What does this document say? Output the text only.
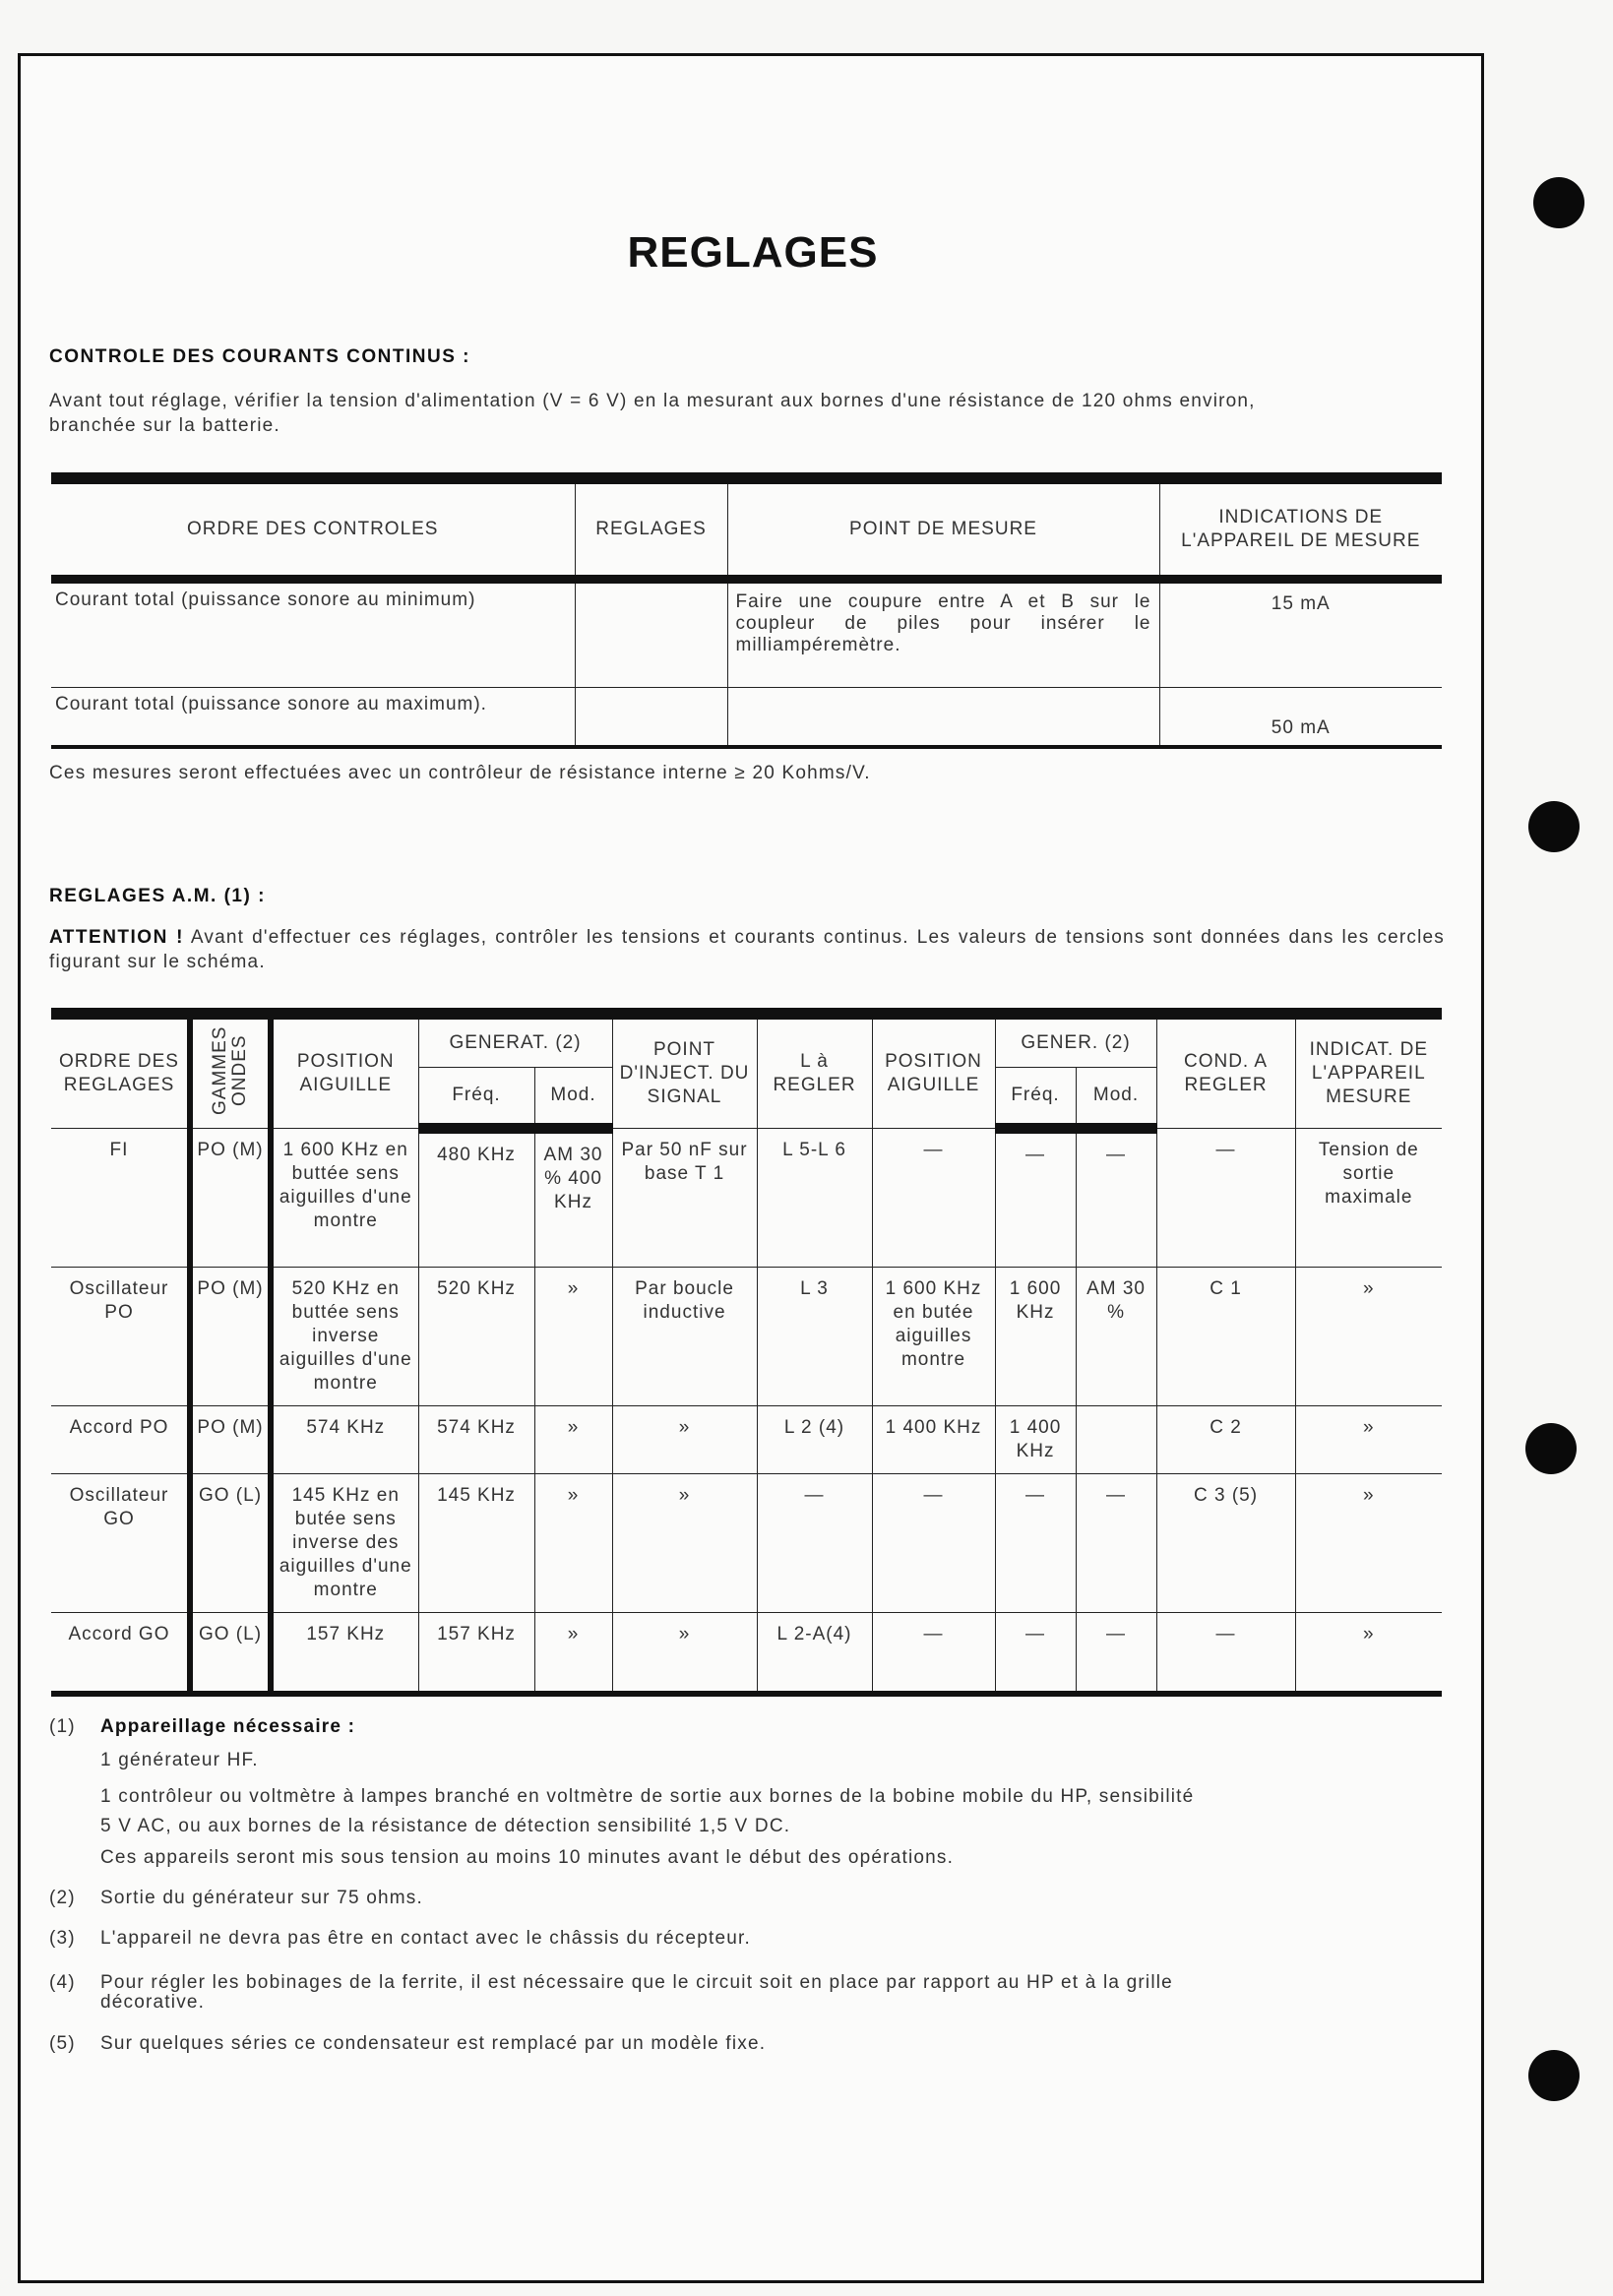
REGLAGES
CONTROLE DES COURANTS CONTINUS :
Avant tout réglage, vérifier la tension d'alimentation (V = 6 V) en la mesurant aux bornes d'une résistance de 120 ohms environ,
branchée sur la batterie.
ORDRE DES CONTROLES	REGLAGES	POINT DE MESURE	INDICATIONS DE L'APPAREIL DE MESURE
Courant total (puissance sonore au minimum)		Faire une coupure entre A et B sur le coupleur de piles pour insérer le milliampéremètre.	15 mA
Courant total (puissance sonore au maximum).			50 mA
Ces mesures seront effectuées avec un contrôleur de résistance interne ≥ 20 Kohms/V.
REGLAGES A.M. (1) :
ATTENTION ! Avant d'effectuer ces réglages, contrôler les tensions et courants continus. Les valeurs de tensions sont données dans les cercles figurant sur le schéma.
ORDRE DES REGLAGES	GAMMES ONDES	POSITION AIGUILLE	GENERAT. (2)		POINT D'INJECT. DU SIGNAL	L à REGLER	POSITION AIGUILLE	GENER. (2)		COND. A REGLER	INDICAT. DE L'APPAREIL MESURE
			Fréq.	Mod.				Fréq.	Mod.		
FI	PO (M)	1 600 KHz en buttée sens aiguilles d'une montre	480 KHz	AM 30 % 400 KHz	Par 50 nF sur base T 1	L 5-L 6	—	—	—	—	Tension de sortie maximale
Oscillateur PO	PO (M)	520 KHz en buttée sens inverse aiguilles d'une montre	520 KHz	»	Par boucle inductive	L 3	1 600 KHz en butée aiguilles montre	1 600 KHz	AM 30 %	C 1	»
Accord PO	PO (M)	574 KHz	574 KHz	»	»	L 2 (4)	1 400 KHz	1 400 KHz		C 2	»
Oscillateur GO	GO (L)	145 KHz en butée sens inverse des aiguilles d'une montre	145 KHz	»	»	—	—	—	—	C 3 (5)	»
Accord GO	GO (L)	157 KHz	157 KHz	»	»	L 2-A(4)	—	—	—	—	»
(1) Appareillage nécessaire :
1 générateur HF.
1 contrôleur ou voltmètre à lampes branché en voltmètre de sortie aux bornes de la bobine mobile du HP, sensibilité
5 V AC, ou aux bornes de la résistance de détection sensibilité 1,5 V DC.
Ces appareils seront mis sous tension au moins 10 minutes avant le début des opérations.
(2) Sortie du générateur sur 75 ohms.
(3) L'appareil ne devra pas être en contact avec le châssis du récepteur.
(4) Pour régler les bobinages de la ferrite, il est nécessaire que le circuit soit en place par rapport au HP et à la grille
décorative.
(5) Sur quelques séries ce condensateur est remplacé par un modèle fixe.
